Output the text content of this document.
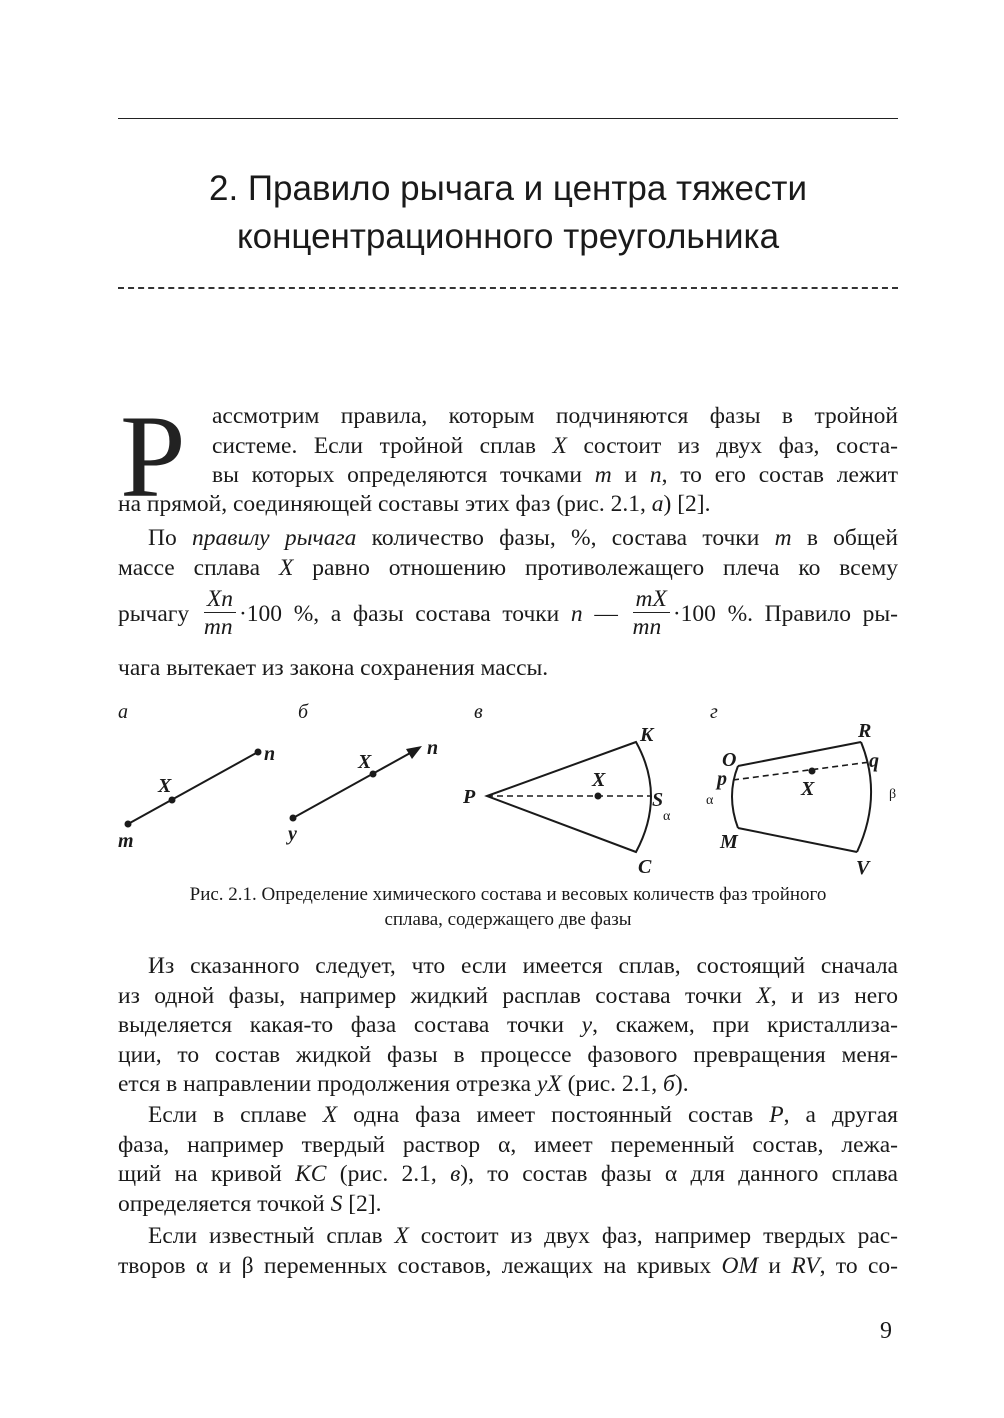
2. Правило рычага и центра тяжести
концентрационного треугольника
Р ассмотрим правила, которым подчиняются фазы в тройной
системе. Если тройной сплав X состоит из двух фаз, соста-
вы которых определяются точками m и n, то его состав лежит
на прямой, соединяющей составы этих фаз (рис. 2.1, а) [2].
По правилу рычага количество фазы, %, состава точки m в общей
массе сплава X равно отношению противолежащего плеча ко всему
рычагу $\frac{Xn}{mn} \cdot 100$ %, а фазы состава точки n — $\frac{mX}{mn} \cdot 100$ %. Правило ры-
чага вытекает из закона сохранения массы.
а	б	в	г
m
X
n
y
X
n
P
K
X
S
α
C
O
p
α
M
R
q
X	β
V
Рис. 2.1. Определение химического состава и весовых количеств фаз тройного
сплава, содержащего две фазы
Из сказанного следует, что если имеется сплав, состоящий сначала
из одной фазы, например жидкий расплав состава точки X, и из него
выделяется какая-то фаза состава точки y, скажем, при кристаллиза-
ции, то состав жидкой фазы в процессе фазового превращения меня-
ется в направлении продолжения отрезка yX (рис. 2.1, б).
Если в сплаве X одна фаза имеет постоянный состав P, а другая
фаза, например твердый раствор α, имеет переменный состав, лежа-
щий на кривой KC (рис. 2.1, в), то состав фазы α для данного сплава
определяется точкой S [2].
Если известный сплав X состоит из двух фаз, например твердых рас-
творов α и β переменных составов, лежащих на кривых OM и RV, то со-
9
